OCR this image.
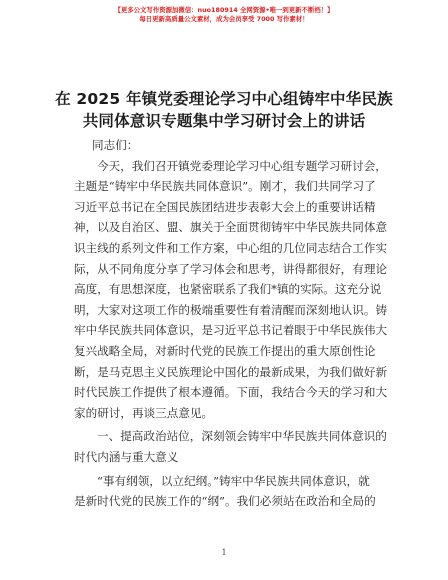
【更多公文写作资源加微信：nuo180914 全网资源•唯一到更新不断档！】
每日更新高质量公文素材，成为会员享受 7000 写作素材！
在 2025 年镇党委理论学习中心组铸牢中华民族
共同体意识专题集中学习研讨会上的讲话
同志们：
今天，我们召开镇党委理论学习中心组专题学习研讨会，
主题是“铸牢中华民族共同体意识”。刚才，我们共同学习了
习近平总书记在全国民族团结进步表彰大会上的重要讲话精
神，以及自治区、盟、旗关于全面贯彻铸牢中华民族共同体意
识主线的系列文件和工作方案，中心组的几位同志结合工作实
际，从不同角度分享了学习体会和思考，讲得都很好，有理论
高度，有思想深度，也紧密联系了我们*镇的实际。这充分说
明，大家对这项工作的极端重要性有着清醒而深刻地认识。铸
牢中华民族共同体意识，是习近平总书记着眼于中华民族伟大
复兴战略全局，对新时代党的民族工作提出的重大原创性论
断，是马克思主义民族理论中国化的最新成果，为我们做好新
时代民族工作提供了根本遵循。下面，我结合今天的学习和大
家的研讨，再谈三点意见。
一、提高政治站位，深刻领会铸牢中华民族共同体意识的
时代内涵与重大意义
“事有纲领，以立纪纲。”铸牢中华民族共同体意识，就
是新时代党的民族工作的“纲”。我们必须站在政治和全局的
1
